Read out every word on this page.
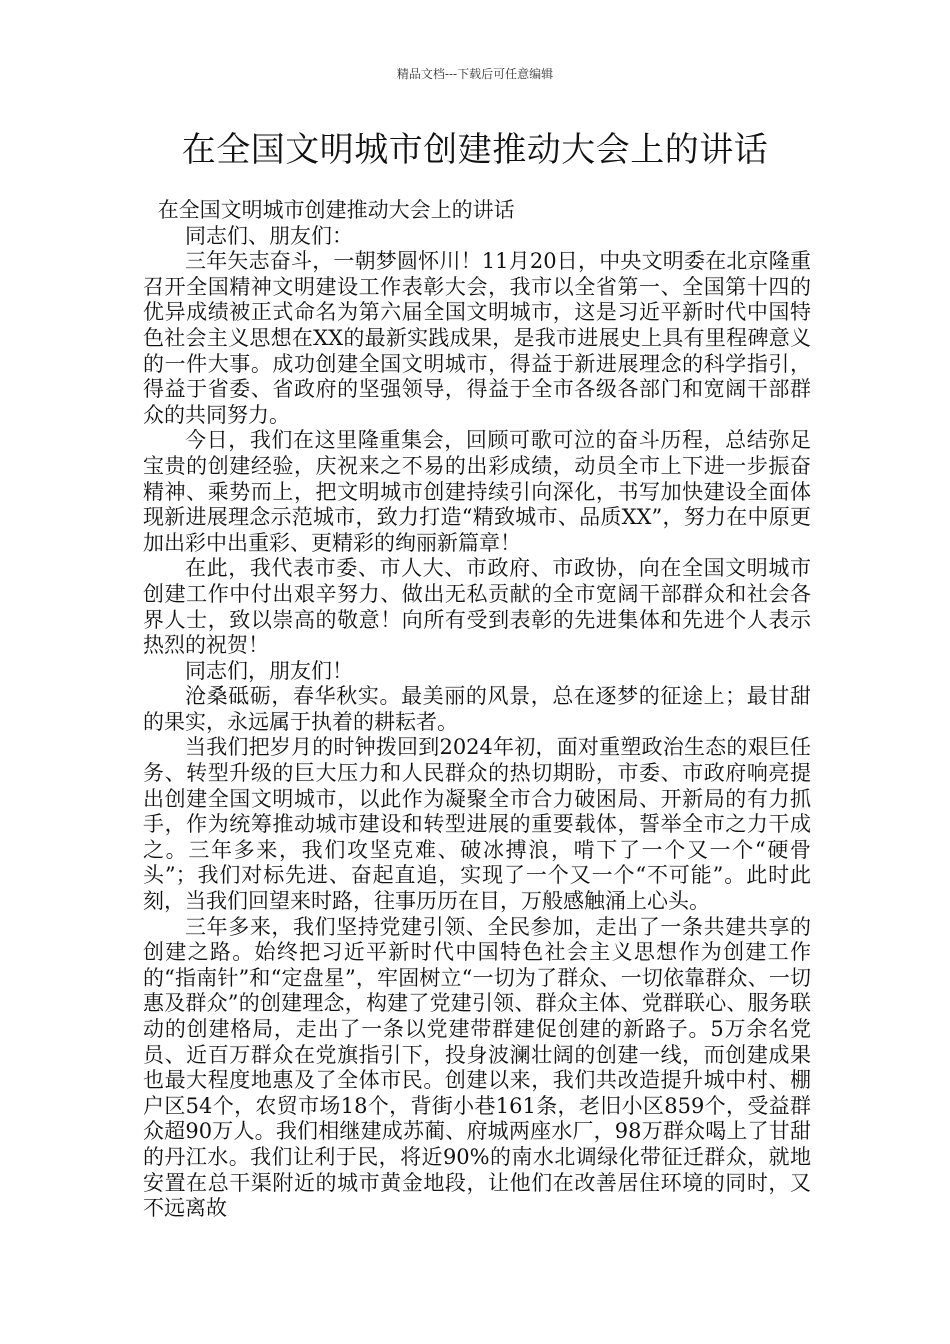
精品文档---下载后可任意编辑
在全国文明城市创建推动大会上的讲话

在全国文明城市创建推动大会上的讲话

同志们、朋友们：

三年矢志奋斗，一朝梦圆怀川！11月20日，中央文明委在北京隆重召开全国精神文明建设工作表彰大会，我市以全省第一、全国第十四的优异成绩被正式命名为第六届全国文明城市，这是习近平新时代中国特色社会主义思想在XX的最新实践成果，是我市进展史上具有里程碑意义的一件大事。成功创建全国文明城市，得益于新进展理念的科学指引，得益于省委、省政府的坚强领导，得益于全市各级各部门和宽阔干部群众的共同努力。

今日，我们在这里隆重集会，回顾可歌可泣的奋斗历程，总结弥足宝贵的创建经验，庆祝来之不易的出彩成绩，动员全市上下进一步振奋精神、乘势而上，把文明城市创建持续引向深化，书写加快建设全面体现新进展理念示范城市，致力打造“精致城市、品质XX”，努力在中原更加出彩中出重彩、更精彩的绚丽新篇章！

在此，我代表市委、市人大、市政府、市政协，向在全国文明城市创建工作中付出艰辛努力、做出无私贡献的全市宽阔干部群众和社会各界人士，致以崇高的敬意！向所有受到表彰的先进集体和先进个人表示热烈的祝贺！

同志们，朋友们！

沧桑砥砺，春华秋实。最美丽的风景，总在逐梦的征途上；最甘甜的果实，永远属于执着的耕耘者。

当我们把岁月的时钟拨回到2024年初，面对重塑政治生态的艰巨任务、转型升级的巨大压力和人民群众的热切期盼，市委、市政府响亮提出创建全国文明城市，以此作为凝聚全市合力破困局、开新局的有力抓手，作为统筹推动城市建设和转型进展的重要载体，誓举全市之力干成之。三年多来，我们攻坚克难、破冰搏浪，啃下了一个又一个“硬骨头”；我们对标先进、奋起直追，实现了一个又一个“不可能”。此时此刻，当我们回望来时路，往事历历在目，万般感触涌上心头。

三年多来，我们坚持党建引领、全民参加，走出了一条共建共享的创建之路。始终把习近平新时代中国特色社会主义思想作为创建工作的“指南针”和“定盘星”，牢固树立“一切为了群众、一切依靠群众、一切惠及群众”的创建理念，构建了党建引领、群众主体、党群联心、服务联动的创建格局，走出了一条以党建带群建促创建的新路子。5万余名党员、近百万群众在党旗指引下，投身波澜壮阔的创建一线，而创建成果也最大程度地惠及了全体市民。创建以来，我们共改造提升城中村、棚户区54个，农贸市场18个，背街小巷161条，老旧小区859个，受益群众超90万人。我们相继建成苏蔺、府城两座水厂，98万群众喝上了甘甜的丹江水。我们让利于民，将近90%的南水北调绿化带征迁群众，就地安置在总干渠附近的城市黄金地段，让他们在改善居住环境的同时，又不远离故
